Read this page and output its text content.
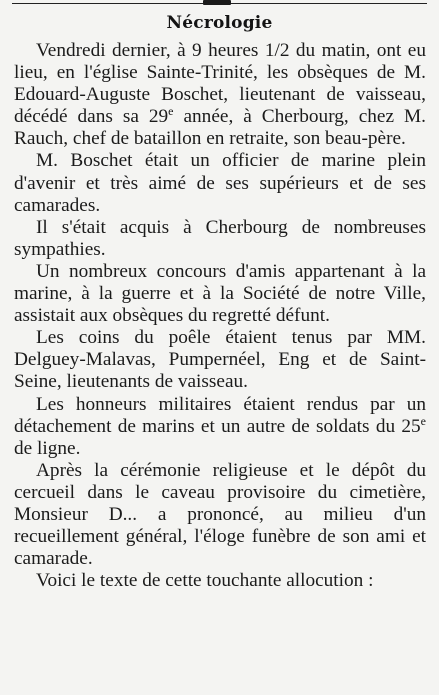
Nécrologie

Vendredi dernier, à 9 heures 1/2 du matin, ont eu lieu, en l'église Sainte-Trinité, les obsèques de M. Edouard-Auguste Boschet, lieutenant de vaisseau, décédé dans sa 29e année, à Cherbourg, chez M. Rauch, chef de bataillon en retraite, son beau-père.

M. Boschet était un officier de marine plein d'avenir et très aimé de ses supérieurs et de ses camarades.

Il s'était acquis à Cherbourg de nombreuses sympathies.

Un nombreux concours d'amis appartenant à la marine, à la guerre et à la Société de notre Ville, assistait aux obsèques du regretté défunt.

Les coins du poêle étaient tenus par MM. Delguey-Malavas, Pumpernéel, Eng et de Saint-Seine, lieutenants de vaisseau.

Les honneurs militaires étaient rendus par un détachement de marins et un autre de soldats du 25e de ligne.

Après la cérémonie religieuse et le dépôt du cercueil dans le caveau provisoire du cimetière, Monsieur D... a prononcé, au milieu d'un recueillement général, l'éloge funèbre de son ami et camarade.

Voici le texte de cette touchante allocution :
